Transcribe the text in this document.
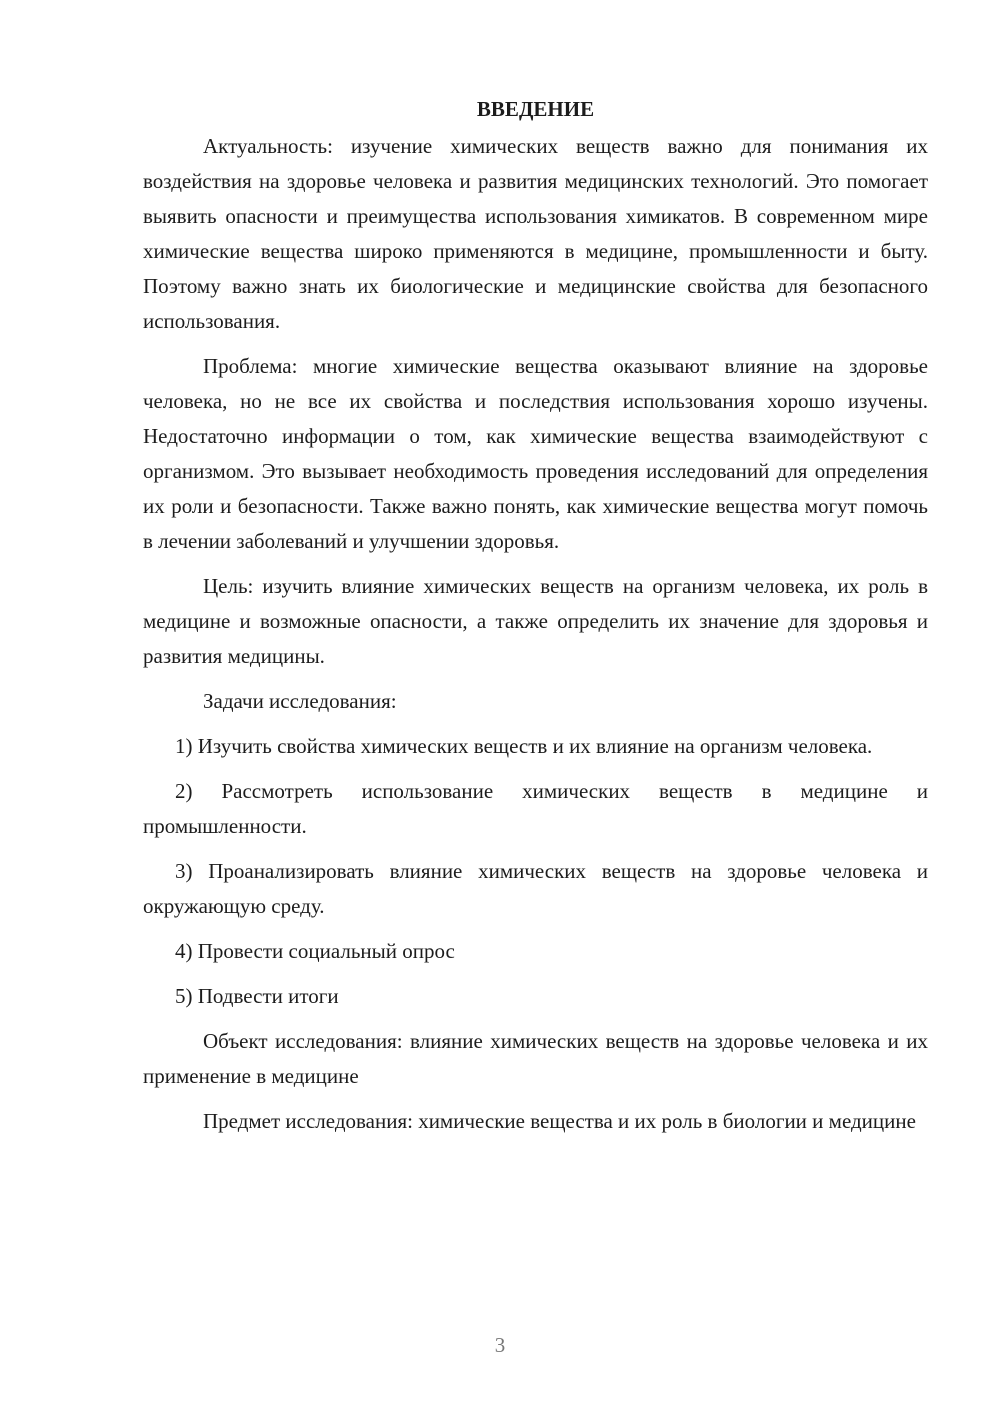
ВВЕДЕНИЕ

Актуальность: изучение химических веществ важно для понимания их воздействия на здоровье человека и развития медицинских технологий. Это помогает выявить опасности и преимущества использования химикатов. В современном мире химические вещества широко применяются в медицине, промышленности и быту. Поэтому важно знать их биологические и медицинские свойства для безопасного использования.

Проблема: многие химические вещества оказывают влияние на здоровье человека, но не все их свойства и последствия использования хорошо изучены. Недостаточно информации о том, как химические вещества взаимодействуют с организмом. Это вызывает необходимость проведения исследований для определения их роли и безопасности. Также важно понять, как химические вещества могут помочь в лечении заболеваний и улучшении здоровья.

Цель: изучить влияние химических веществ на организм человека, их роль в медицине и возможные опасности, а также определить их значение для здоровья и развития медицины.

Задачи исследования:

1) Изучить свойства химических веществ и их влияние на организм человека.

2) Рассмотреть использование химических веществ в медицине и промышленности.

3) Проанализировать влияние химических веществ на здоровье человека и окружающую среду.

4) Провести социальный опрос

5) Подвести итоги

Объект исследования: влияние химических веществ на здоровье человека и их применение в медицине

Предмет исследования: химические вещества и их роль в биологии и медицине

3
